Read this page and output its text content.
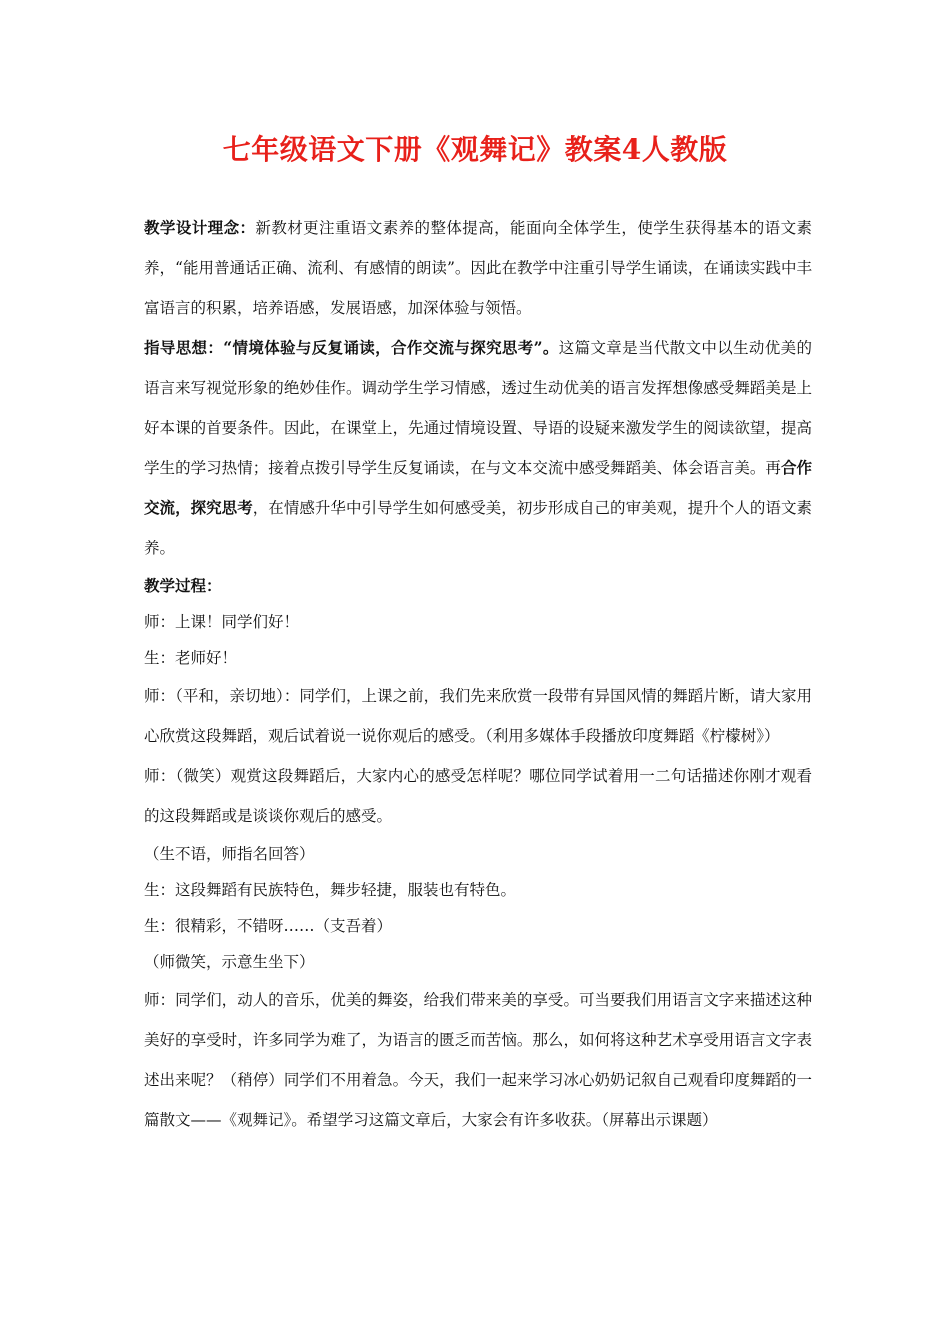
七年级语文下册《观舞记》教案4人教版

教学设计理念：新教材更注重语文素养的整体提高，能面向全体学生，使学生获得基本的语文素养，“能用普通话正确、流利、有感情的朗读”。因此在教学中注重引导学生诵读，在诵读实践中丰富语言的积累，培养语感，发展语感，加深体验与领悟。

指导思想：“情境体验与反复诵读，合作交流与探究思考”。这篇文章是当代散文中以生动优美的语言来写视觉形象的绝妙佳作。调动学生学习情感，透过生动优美的语言发挥想像感受舞蹈美是上好本课的首要条件。因此，在课堂上，先通过情境设置、导语的设疑来激发学生的阅读欲望，提高学生的学习热情；接着点拨引导学生反复诵读，在与文本交流中感受舞蹈美、体会语言美。再合作交流，探究思考，在情感升华中引导学生如何感受美，初步形成自己的审美观，提升个人的语文素养。

教学过程：

师：上课！同学们好！

生：老师好！

师：（平和，亲切地）：同学们，上课之前，我们先来欣赏一段带有异国风情的舞蹈片断，请大家用心欣赏这段舞蹈，观后试着说一说你观后的感受。（利用多媒体手段播放印度舞蹈《柠檬树》）

师：（微笑）观赏这段舞蹈后，大家内心的感受怎样呢？哪位同学试着用一二句话描述你刚才观看的这段舞蹈或是谈谈你观后的感受。

（生不语，师指名回答）

生：这段舞蹈有民族特色，舞步轻捷，服装也有特色。

生：很精彩，不错呀……（支吾着）

（师微笑，示意生坐下）

师：同学们，动人的音乐，优美的舞姿，给我们带来美的享受。可当要我们用语言文字来描述这种美好的享受时，许多同学为难了，为语言的匮乏而苦恼。那么，如何将这种艺术享受用语言文字表述出来呢？（稍停）同学们不用着急。今天，我们一起来学习冰心奶奶记叙自己观看印度舞蹈的一篇散文——《观舞记》。希望学习这篇文章后，大家会有许多收获。（屏幕出示课题）
